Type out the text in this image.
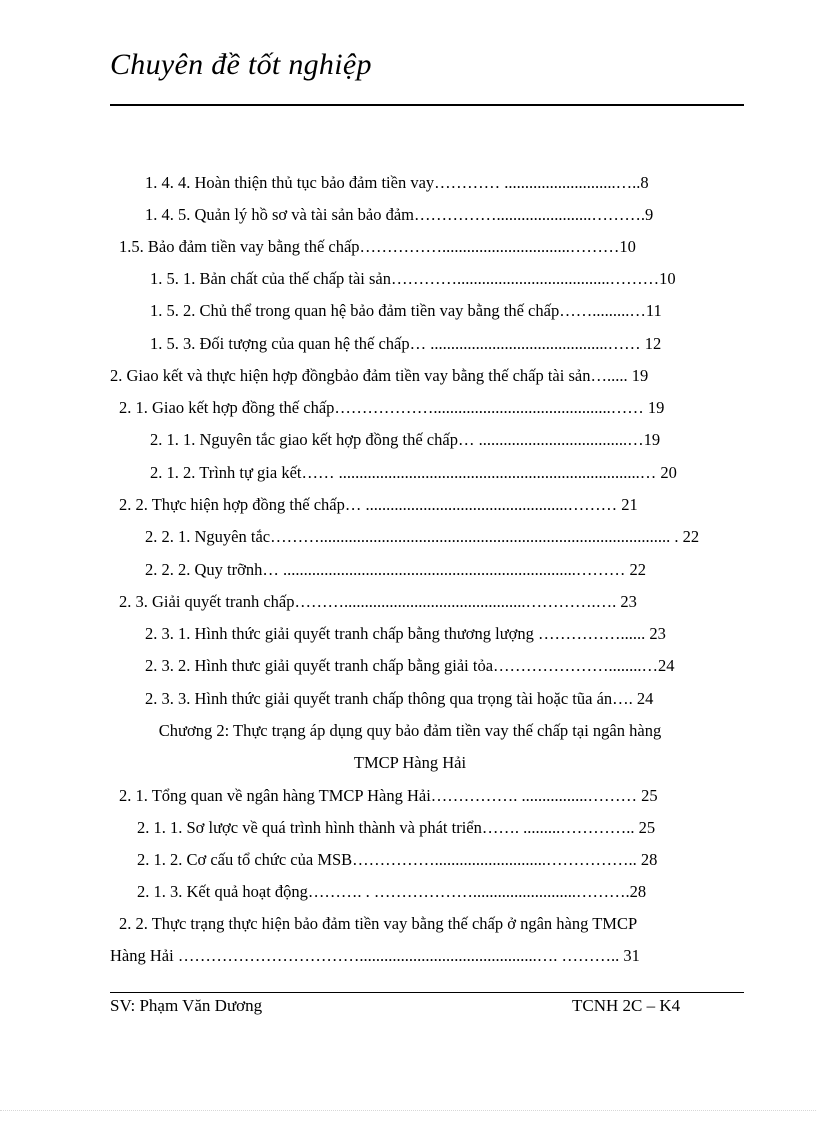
Chuyên đề tốt nghiệp
1. 4. 4. Hoàn thiện thủ tục bảo đảm tiền vay………… ...........................…..8
1. 4. 5. Quản lý hồ sơ và tài sản bảo đảm…………….......................……….9
1.5. Bảo đảm tiền vay bằng thế chấp……………...............................………10
1. 5. 1. Bản chất của thế chấp tài sản………….....................................………10
1. 5. 2. Chủ thể trong quan hệ bảo đảm tiền vay bằng thế chấp…….........…11
1. 5. 3. Đối tượng của quan hệ thế chấp… ...........................................…… 12
2. Giao kết và thực hiện hợp đồngbảo đảm tiền vay bằng thế chấp tài sản…..... 19
2. 1. Giao kết hợp đồng thế chấp………………...........................................…… 19
2. 1. 1. Nguyên tắc giao kết hợp đồng thế chấp… ....................................…19
2. 1. 2. Trình tự gia kết…… .........................................................................… 20
2. 2. Thực hiện hợp đồng thế chấp… .................................................……… 21
2. 2. 1. Nguyên tắc………..................................................................................... . 22
2. 2. 2. Quy trỡnh… .......................................................................……… 22
2. 3. Giải quyết tranh chấp………............................................………….…. 23
2. 3. 1. Hình thức giải quyết tranh chấp bằng thương lượng ……………...... 23
2. 3. 2. Hình thưc giải quyết tranh chấp bằng giải tỏa…………………........…24
2. 3. 3. Hình thức giải quyết tranh chấp thông qua trọng tài hoặc tũa án…. 24
Chương 2: Thực trạng áp dụng quy bảo đảm tiền vay thế chấp tại ngân hàng
TMCP Hàng Hải
2. 1. Tổng quan về ngân hàng TMCP Hàng Hải……………. ................……… 25
2. 1. 1. Sơ lược về quá trình hình thành và phát triển……. .........………….. 25
2. 1. 2. Cơ cấu tổ chức của MSB……………...........................…………….. 28
2. 1. 3. Kết quả hoạt động………. . ……………….........................……….28
2. 2. Thực trạng thực hiện bảo đảm tiền vay bằng thế chấp ở ngân hàng TMCP
Hàng Hải ……………………………...........................................…. ……….. 31
SV: Phạm Văn Dương	TCNH 2C – K4
